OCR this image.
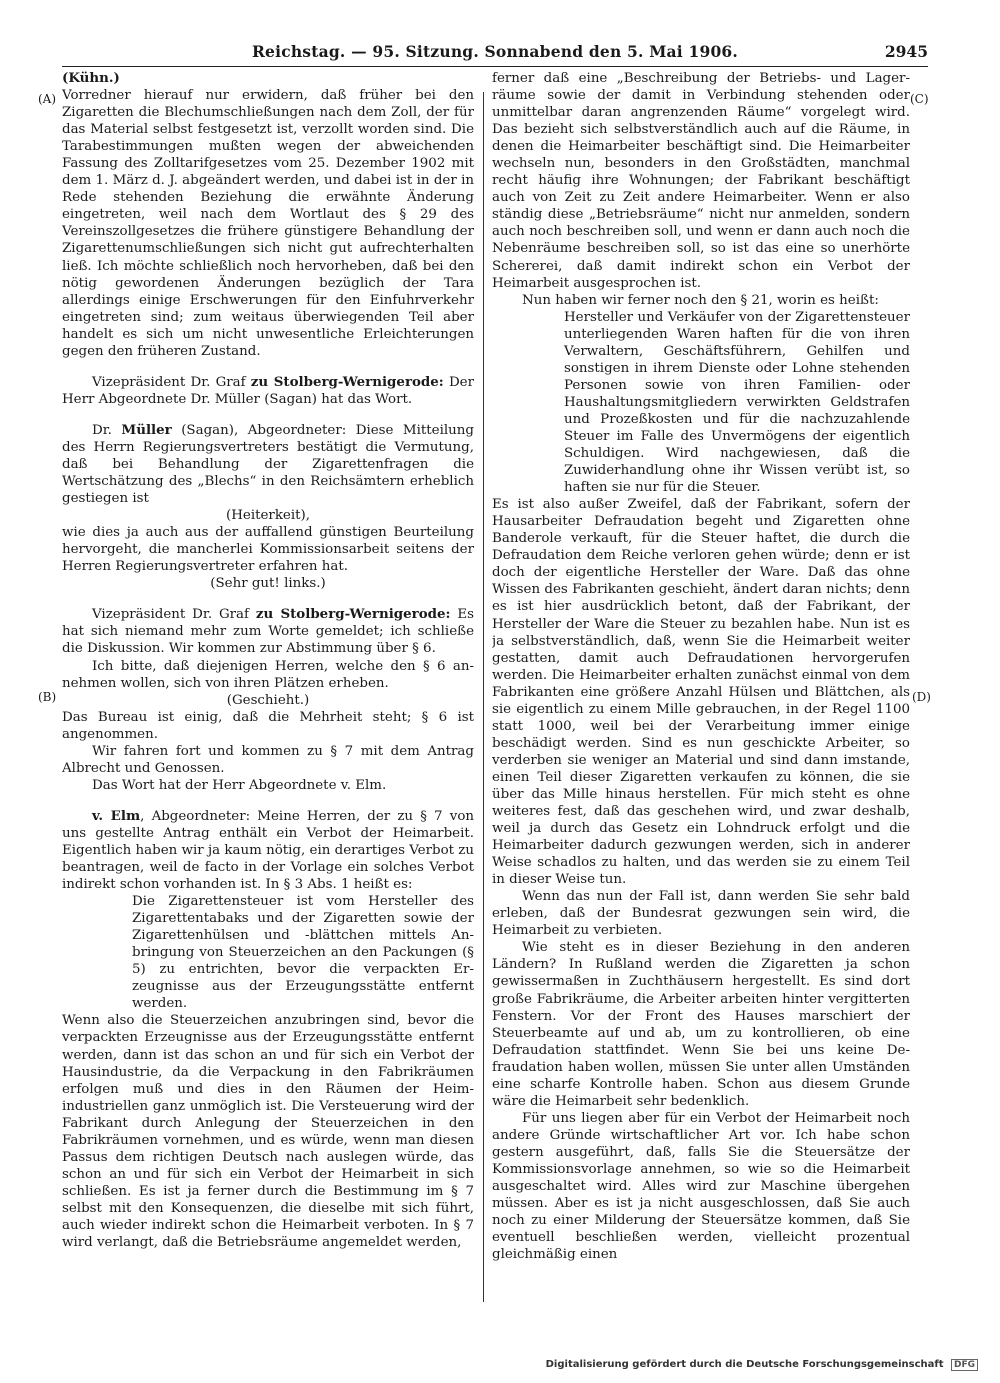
Reichstag. — 95. Sitzung. Sonnabend den 5. Mai 1906.	2945
(A)
(B)
(C)
(D)

(Kühn.)

Vorredner hierauf nur erwidern, daß früher bei den Zigaretten die Blechumschließungen nach dem Zoll, der für das Material selbst festgesetzt ist, verzollt worden sind. Die Tarabestimmungen mußten wegen der abweichenden Fassung des Zolltarifgesetzes vom 25. Dezember 1902 mit dem 1. März d. J. abgeändert werden, und dabei ist in der in Rede stehenden Beziehung die erwähnte Änderung eingetreten, weil nach dem Wortlaut des § 29 des Vereinszollgesetzes die frühere günstigere Behandlung der Zigarettenumschließungen sich nicht gut aufrechterhalten ließ. Ich möchte schließlich noch hervorheben, daß bei den nötig gewordenen Änderungen bezüglich der Tara allerdings einige Erschwerungen für den Einfuhrverkehr eingetreten sind; zum weitaus überwiegenden Teil aber handelt es sich um nicht unwesentliche Erleichterungen gegen den früheren Zustand.

Vizepräsident Dr. Graf zu Stolberg-Wernigerode: Der Herr Abgeordnete Dr. Müller (Sagan) hat das Wort.

Dr. Müller (Sagan), Abgeordneter: Diese Mitteilung des Herrn Regierungsvertreters bestätigt die Vermutung, daß bei Behandlung der Zigarettenfragen die Wertschätzung des „Blechs“ in den Reichsämtern erheblich gestiegen ist

(Heiterkeit),

wie dies ja auch aus der auffallend günstigen Beurteilung hervorgeht, die mancherlei Kommissionsarbeit seitens der Herren Regierungsvertreter erfahren hat.

(Sehr gut! links.)

Vizepräsident Dr. Graf zu Stolberg-Wernigerode: Es hat sich niemand mehr zum Worte gemeldet; ich schließe die Diskussion. Wir kommen zur Abstimmung über § 6.

Ich bitte, daß diejenigen Herren, welche den § 6 annehmen wollen, sich von ihren Plätzen erheben.

(Geschieht.)

Das Bureau ist einig, daß die Mehrheit steht; § 6 ist angenommen.

Wir fahren fort und kommen zu § 7 mit dem Antrag Albrecht und Genossen.

Das Wort hat der Herr Abgeordnete v. Elm.

v. Elm, Abgeordneter: Meine Herren, der zu § 7 von uns gestellte Antrag enthält ein Verbot der Heimarbeit. Eigentlich haben wir ja kaum nötig, ein derartiges Verbot zu beantragen, weil de facto in der Vorlage ein solches Verbot indirekt schon vorhanden ist. In § 3 Abs. 1 heißt es:

Die Zigarettensteuer ist vom Hersteller des Zigarettentabaks und der Zigaretten sowie der Zigarettenhülsen und -blättchen mittels Anbringung von Steuerzeichen an den Packungen (§ 5) zu entrichten, bevor die verpackten Erzeugnisse aus der Erzeugungsstätte entfernt werden.

Wenn also die Steuerzeichen anzubringen sind, bevor die verpackten Erzeugnisse aus der Erzeugungsstätte entfernt werden, dann ist das schon an und für sich ein Verbot der Hausindustrie, da die Verpackung in den Fabrikräumen erfolgen muß und dies in den Räumen der Heimindustriellen ganz unmöglich ist. Die Versteuerung wird der Fabrikant durch Anlegung der Steuerzeichen in den Fabrikräumen vornehmen, und es würde, wenn man diesen Passus dem richtigen Deutsch nach auslegen würde, das schon an und für sich ein Verbot der Heimarbeit in sich schließen. Es ist ja ferner durch die Bestimmung im § 7 selbst mit den Konsequenzen, die dieselbe mit sich führt, auch wieder indirekt schon die Heimarbeit verboten. In § 7 wird verlangt, daß die Betriebsräume angemeldet werden,

ferner daß eine „Beschreibung der Betriebs- und Lagerräume sowie der damit in Verbindung stehenden oder unmittelbar daran angrenzenden Räume“ vorgelegt wird. Das bezieht sich selbstverständlich auch auf die Räume, in denen die Heimarbeiter beschäftigt sind. Die Heimarbeiter wechseln nun, besonders in den Großstädten, manchmal recht häufig ihre Wohnungen; der Fabrikant beschäftigt auch von Zeit zu Zeit andere Heimarbeiter. Wenn er also ständig diese „Betriebsräume“ nicht nur anmelden, sondern auch noch beschreiben soll, und wenn er dann auch noch die Nebenräume beschreiben soll, so ist das eine so unerhörte Schererei, daß damit indirekt schon ein Verbot der Heimarbeit ausgesprochen ist.

Nun haben wir ferner noch den § 21, worin es heißt:

Hersteller und Verkäufer von der Zigarettensteuer unterliegenden Waren haften für die von ihren Verwaltern, Geschäftsführern, Gehilfen und sonstigen in ihrem Dienste oder Lohne stehenden Personen sowie von ihren Familien- oder Haushaltungsmitgliedern verwirkten Geldstrafen und Prozeßkosten und für die nachzuzahlende Steuer im Falle des Unvermögens der eigentlich Schuldigen. Wird nachgewiesen, daß die Zuwiderhandlung ohne ihr Wissen verübt ist, so haften sie nur für die Steuer.

Es ist also außer Zweifel, daß der Fabrikant, sofern der Hausarbeiter Defraudation begeht und Zigaretten ohne Banderole verkauft, für die Steuer haftet, die durch die Defraudation dem Reiche verloren gehen würde; denn er ist doch der eigentliche Hersteller der Ware. Daß das ohne Wissen des Fabrikanten geschieht, ändert daran nichts; denn es ist hier ausdrücklich betont, daß der Fabrikant, der Hersteller der Ware die Steuer zu bezahlen habe. Nun ist es ja selbstverständlich, daß, wenn Sie die Heimarbeit weiter gestatten, damit auch Defraudationen hervorgerufen werden. Die Heimarbeiter erhalten zunächst einmal von dem Fabrikanten eine größere Anzahl Hülsen und Blättchen, als sie eigentlich zu einem Mille gebrauchen, in der Regel 1100 statt 1000, weil bei der Verarbeitung immer einige beschädigt werden. Sind es nun geschickte Arbeiter, so verderben sie weniger an Material und sind dann imstande, einen Teil dieser Zigaretten verkaufen zu können, die sie über das Mille hinaus herstellen. Für mich steht es ohne weiteres fest, daß das geschehen wird, und zwar deshalb, weil ja durch das Gesetz ein Lohndruck erfolgt und die Heimarbeiter dadurch gezwungen werden, sich in anderer Weise schadlos zu halten, und das werden sie zu einem Teil in dieser Weise tun.

Wenn das nun der Fall ist, dann werden Sie sehr bald erleben, daß der Bundesrat gezwungen sein wird, die Heimarbeit zu verbieten.

Wie steht es in dieser Beziehung in den anderen Ländern? In Rußland werden die Zigaretten ja schon gewissermaßen in Zuchthäusern hergestellt. Es sind dort große Fabrikräume, die Arbeiter arbeiten hinter vergitterten Fenstern. Vor der Front des Hauses marschiert der Steuerbeamte auf und ab, um zu kontrollieren, ob eine Defraudation stattfindet. Wenn Sie bei uns keine Defraudation haben wollen, müssen Sie unter allen Umständen eine scharfe Kontrolle haben. Schon aus diesem Grunde wäre die Heimarbeit sehr bedenklich.

Für uns liegen aber für ein Verbot der Heimarbeit noch andere Gründe wirtschaftlicher Art vor. Ich habe schon gestern ausgeführt, daß, falls Sie die Steuersätze der Kommissionsvorlage annehmen, so wie so die Heimarbeit ausgeschaltet wird. Alles wird zur Maschine übergehen müssen. Aber es ist ja nicht ausgeschlossen, daß Sie auch noch zu einer Milderung der Steuersätze kommen, daß Sie eventuell beschließen werden, vielleicht prozentual gleichmäßig einen

Digitalisierung gefördert durch die Deutsche Forschungsgemeinschaft DFG
